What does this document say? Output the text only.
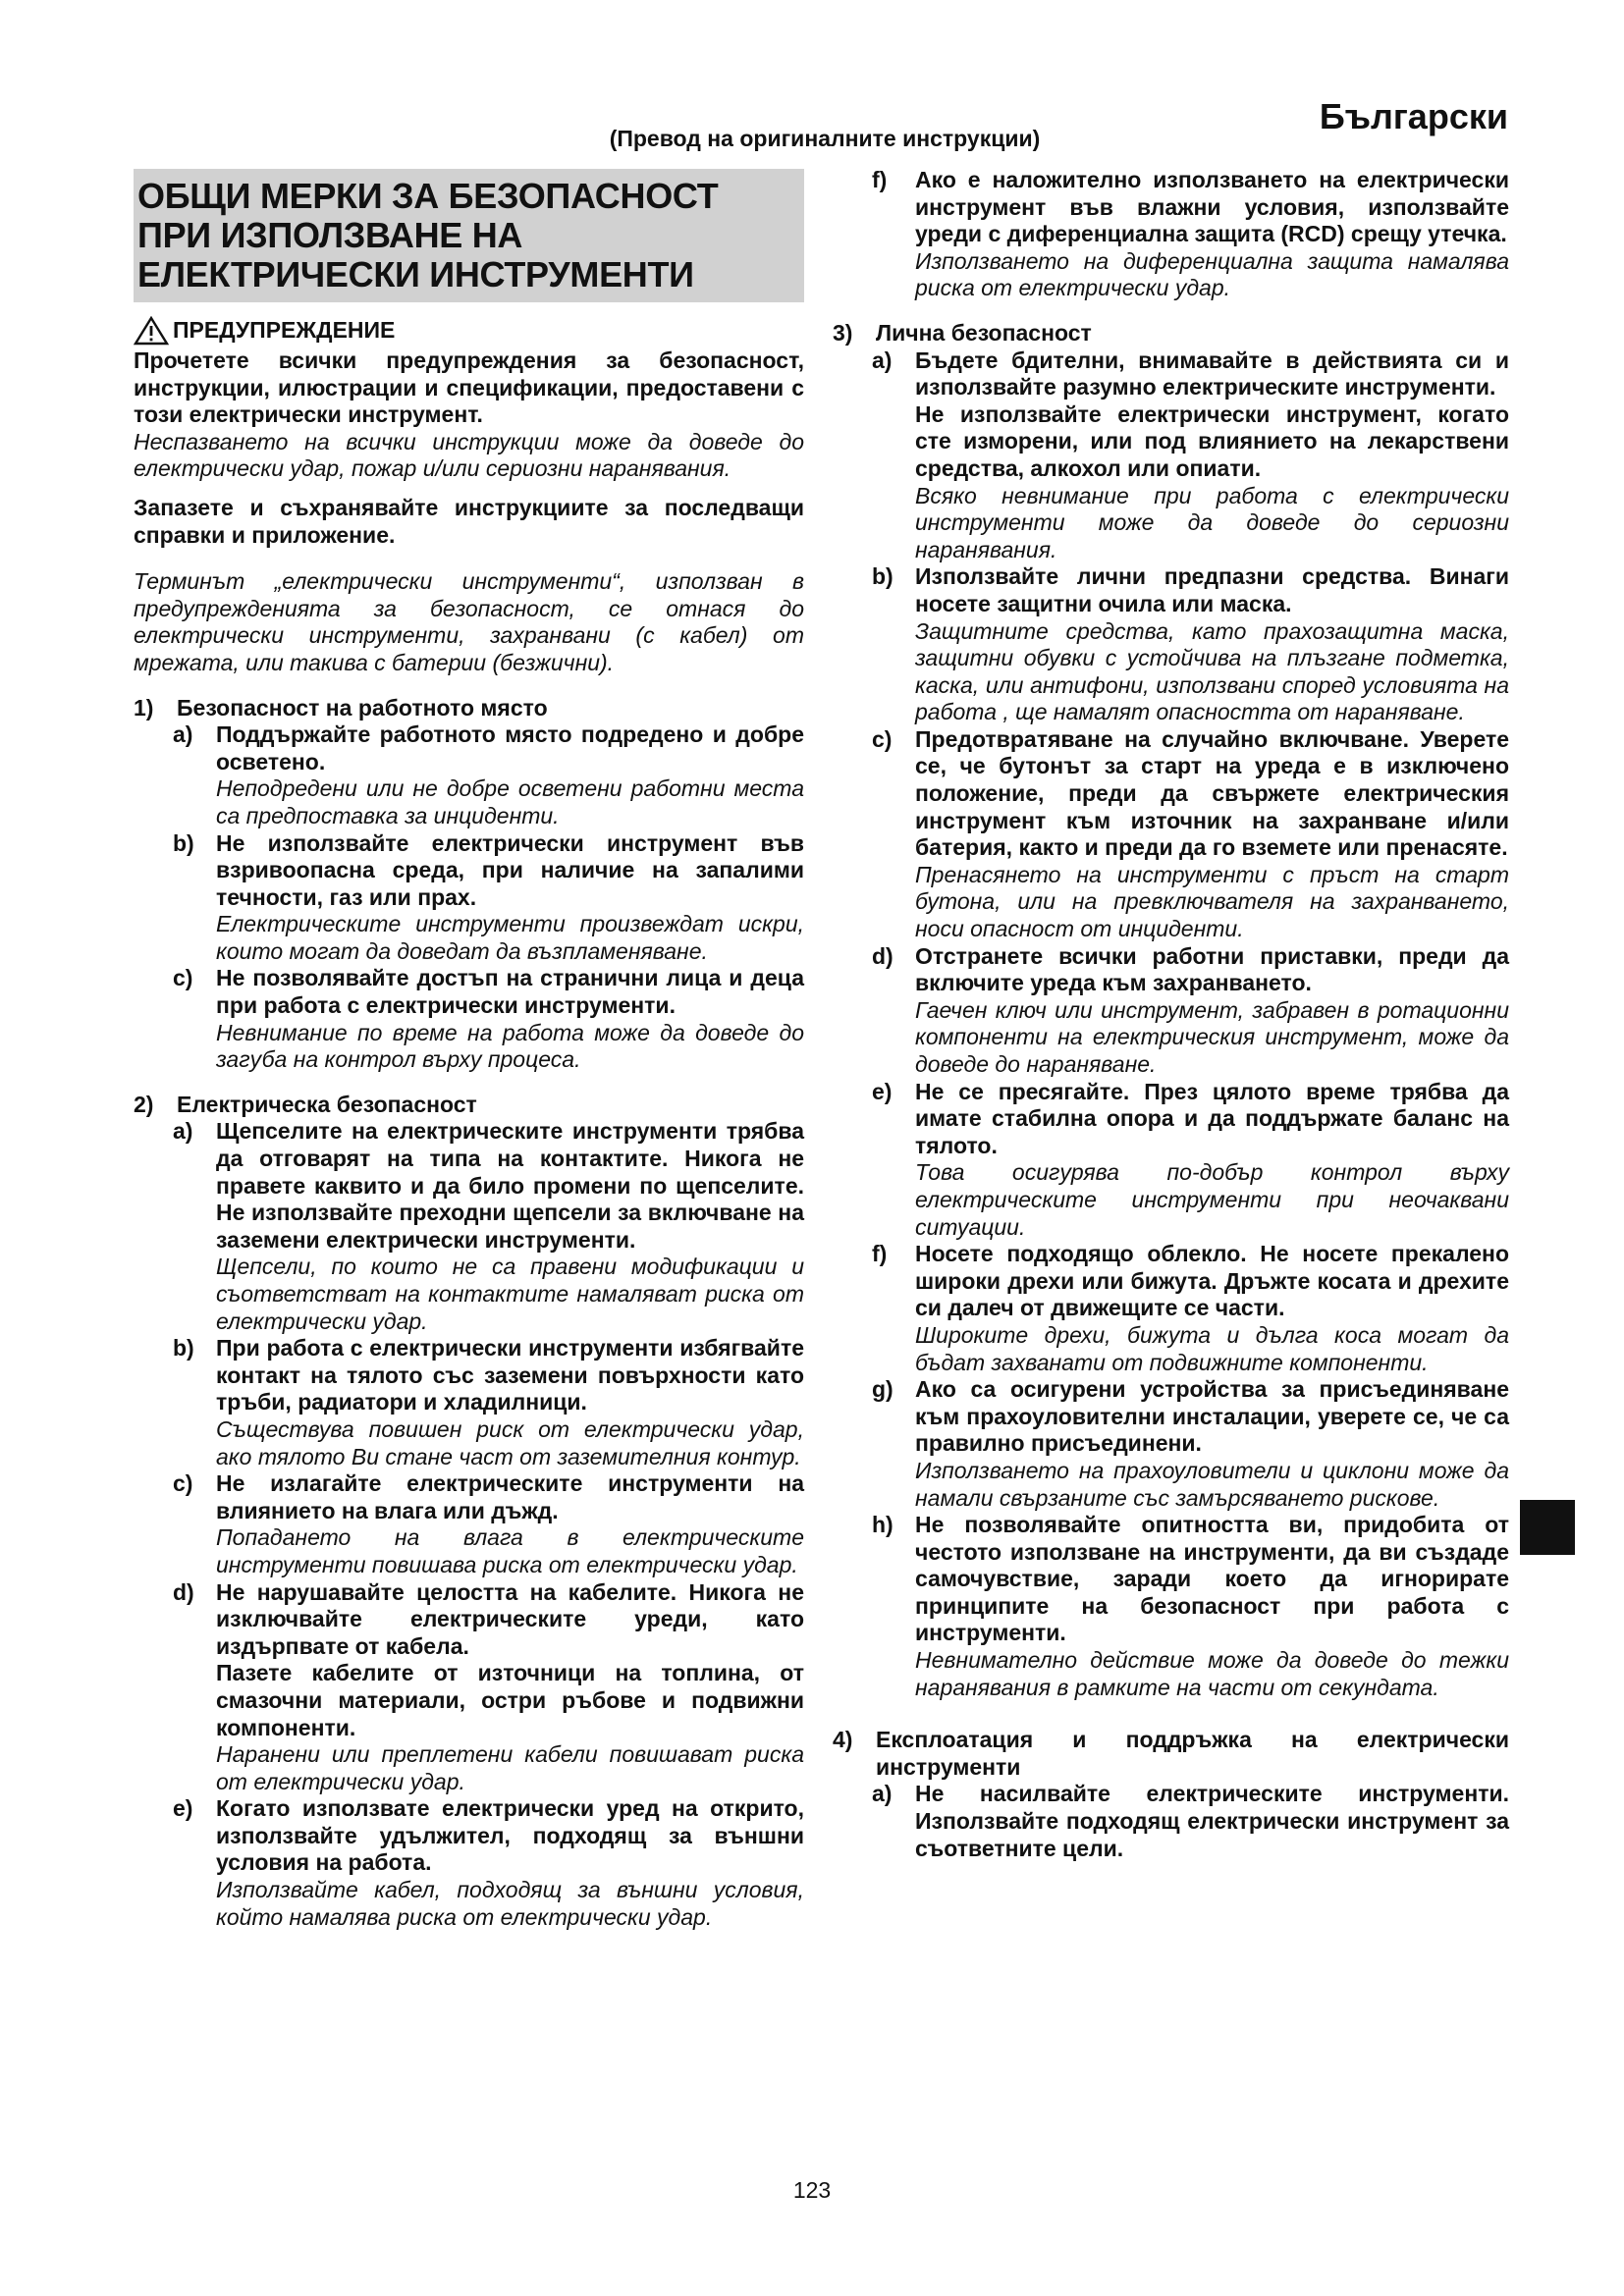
(Превод на оригиналните инструкции)
Български
ОБЩИ МЕРКИ ЗА БЕЗОПАСНОСТ
ПРИ ИЗПОЛЗВАНЕ НА
ЕЛЕКТРИЧЕСКИ ИНСТРУМЕНТИ
ПРЕДУПРЕЖДЕНИЕ

Прочетете всички предупреждения за безопасност, инструкции, илюстрации и спецификации, предоставени с този електрически инструмент.

Неспазването на всички инструкции може да доведе до електрически удар, пожар и/или сериозни наранявания.

Запазете и съхранявайте инструкциите за последващи справки и приложение.

Терминът „електрически инструменти“, използван в предупрежденията за безопасност, се отнася до електрически инструменти, захранвани (с кабел) от мрежата, или такива с батерии (безжични).

1)	Безопасност на работното място
a)	Поддържайте работното място подредено и добре осветено.

Неподредени или не добре осветени работни места са предпоставка за инциденти.

b) Не използвайте електрически инструмент във взривоопасна среда, при наличие на запалими течности, газ или прах.

Електрическите инструменти произвеждат искри, които могат да доведат да възпламеняване.

c)	Не позволявайте достъп на странични лица и деца при работа с електрически инструменти.

Невнимание по време на работа може да доведе до загуба на контрол върху процеса.

2)	Електрическа безопасност
a)	Щепселите на електрическите инструменти трябва да отговарят на типа на контактите. Никога не правете каквито и да било промени по щепселите. Не използвайте преходни щепсели за включване на заземени електрически инструменти.

Щепсели, по които не са правени модификации и съответстват на контактите намаляват риска от електрически удар.

b) При работа с електрически инструменти избягвайте контакт на тялото със заземени повърхности като тръби, радиатори и хладилници.

Съществува повишен риск от електрически удар, ако тялото Ви стане част от заземителния контур.

c)	Не излагайте електрическите инструменти на влиянието на влага или дъжд.

Попадането на влага в електрическите инструменти повишава риска от електрически удар.

d) Не нарушавайте целостта на кабелите. Никога не изключвайте електрическите уреди, като издърпвате от кабела.

Пазете кабелите от източници на топлина, от смазочни материали, остри ръбове и подвижни компоненти.

Наранени или преплетени кабели повишават риска от електрически удар.

e)	Когато използвате електрически уред на открито, използвайте удължител, подходящ за външни условия на работа.

Използвайте кабел, подходящ за външни условия, който намалява риска от електрически удар.

f)	Ако е наложително използването на електрически инструмент във влажни условия, използвайте уреди с диференциална защита (RCD) срещу утечка.

Използването на диференциална защита намалява риска от електрически удар.

3)	Лична безопасност
a)	Бъдете бдителни, внимавайте в действията си и използвайте разумно електрическите инструменти.

Не използвайте електрически инструмент, когато сте изморени, или под влиянието на лекарствени средства, алкохол или опиати.

Всяко невнимание при работа с електрически инструменти може да доведе до сериозни наранявания.

b) Използвайте лични предпазни средства. Винаги носете защитни очила или маска.

Защитните средства, като прахозащитна маска, защитни обувки с устойчива на плъзгане подметка, каска, или антифони, използвани според условията на работа , ще намалят опасността от нараняване.

c)	Предотвратяване на случайно включване. Уверете се, че бутонът за старт на уреда е в изключено положение, преди да свържете електрическия инструмент към източник на захранване и/или батерия, както и преди да го вземете или пренасяте.

Пренасянето на инструменти с пръст на старт бутона, или на превключвателя на захранването, носи опасност от инциденти.

d) Отстранете всички работни приставки, преди да включите уреда към захранването.

Гаечен ключ или инструмент, забравен в ротационни компоненти на електрическия инструмент, може да доведе до нараняване.

e)	Не се пресягайте. През цялото време трябва да имате стабилна опора и да поддържате баланс на тялото.

Това осигурява по-добър контрол върху електрическите инструменти при неочаквани ситуации.

f)	Носете подходящо облекло. Не носете прекалено широки дрехи или бижута. Дръжте косата и дрехите си далеч от движещите се части.

Широките дрехи, бижута и дълга коса могат да бъдат захванати от подвижните компоненти.

g) Ако са осигурени устройства за присъединяване към прахоуловителни инсталации, уверете се, че са правилно присъединени.

Използването на прахоуловители и циклони може да намали свързаните със замърсяването рискове.

h) Не позволявайте опитността ви, придобита от честото използване на инструменти, да ви създаде самочувствие, заради което да игнорирате принципите на безопасност при работа с инструменти.

Невнимателно действие може да доведе до тежки наранявания в рамките на части от секундата.

4)	Експлоатация и поддръжка на електрически инструменти
a)	Не насилвайте електрическите инструменти. Използвайте подходящ електрически инструмент за съответните цели.

123
